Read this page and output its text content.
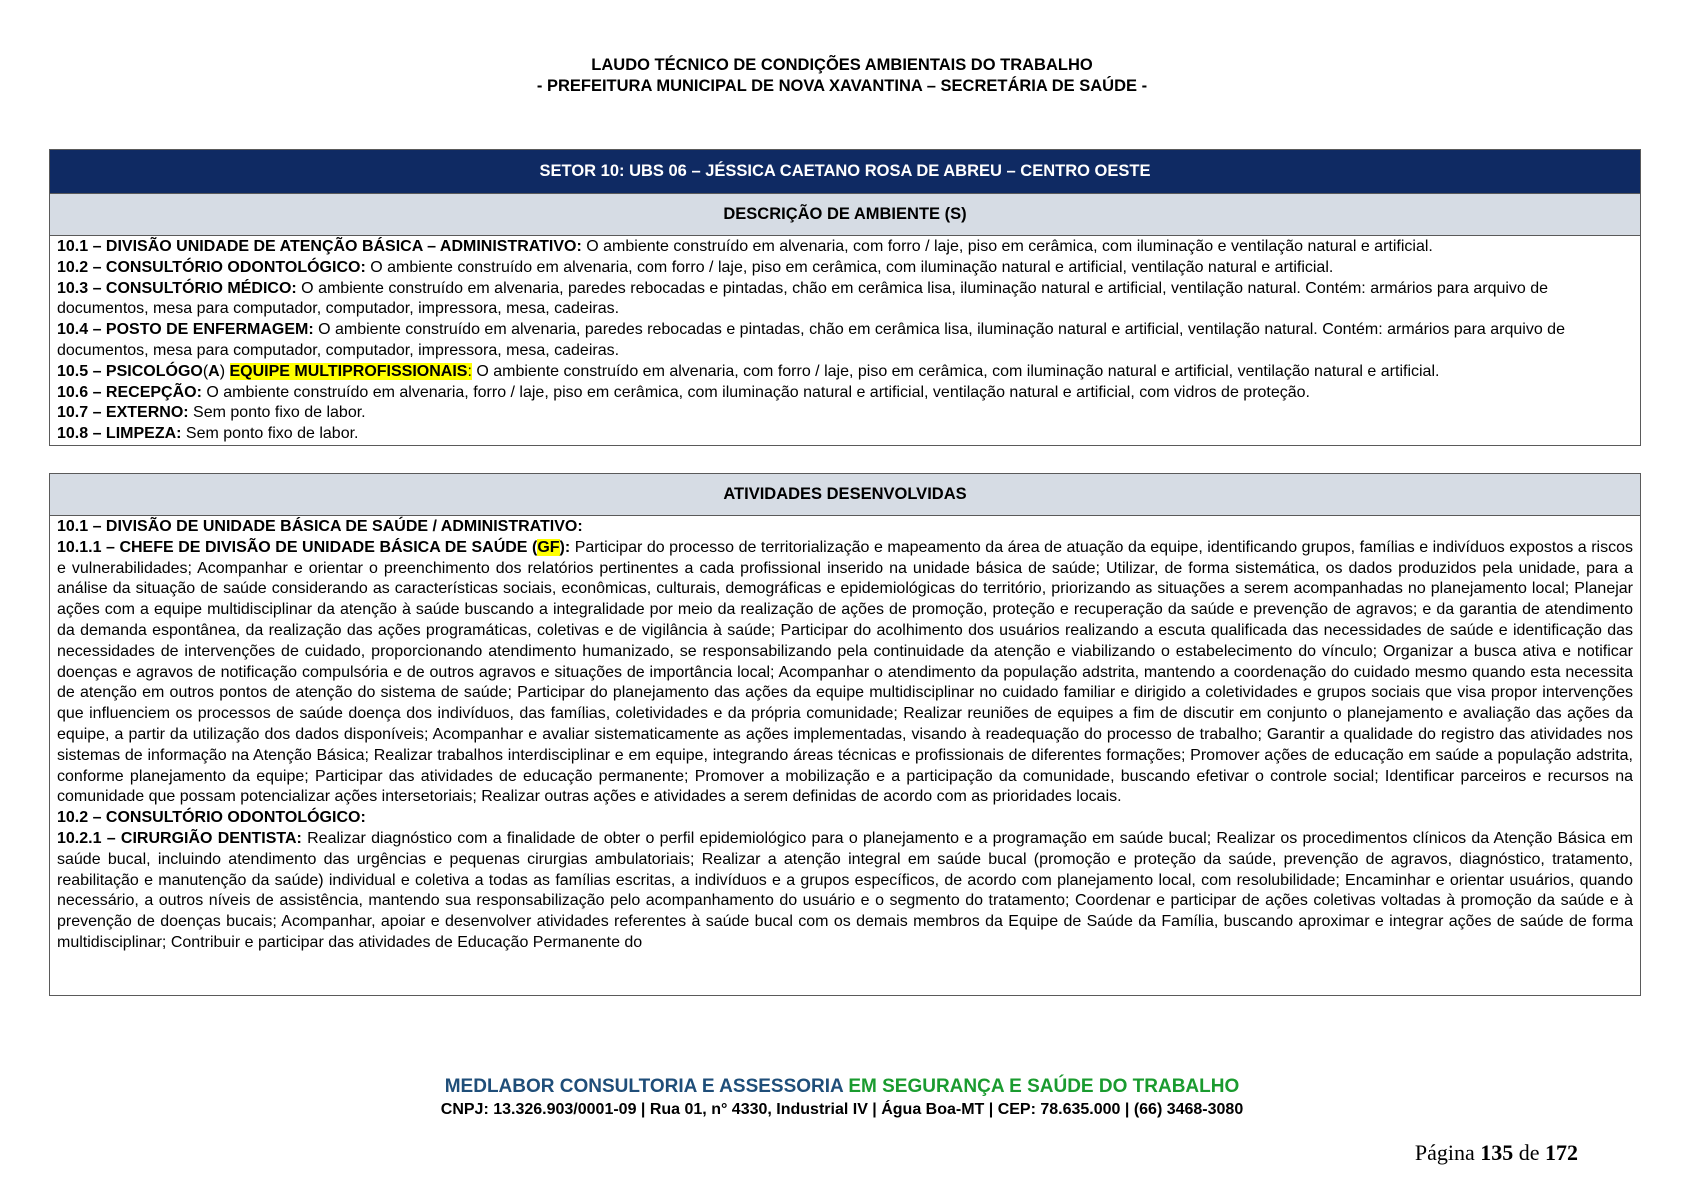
LAUDO TÉCNICO DE CONDIÇÕES AMBIENTAIS DO TRABALHO
- PREFEITURA MUNICIPAL DE NOVA XAVANTINA – SECRETÁRIA DE SAÚDE -
SETOR 10: UBS 06 – JÉSSICA CAETANO ROSA DE ABREU – CENTRO OESTE
DESCRIÇÃO DE AMBIENTE (S)

10.1 – DIVISÃO UNIDADE DE ATENÇÃO BÁSICA – ADMINISTRATIVO: O ambiente construído em alvenaria, com forro / laje, piso em cerâmica, com iluminação e ventilação natural e artificial.

10.2 – CONSULTÓRIO ODONTOLÓGICO: O ambiente construído em alvenaria, com forro / laje, piso em cerâmica, com iluminação natural e artificial, ventilação natural e artificial.

10.3 – CONSULTÓRIO MÉDICO: O ambiente construído em alvenaria, paredes rebocadas e pintadas, chão em cerâmica lisa, iluminação natural e artificial, ventilação natural. Contém: armários para arquivo de documentos, mesa para computador, computador, impressora, mesa, cadeiras.

10.4 – POSTO DE ENFERMAGEM: O ambiente construído em alvenaria, paredes rebocadas e pintadas, chão em cerâmica lisa, iluminação natural e artificial, ventilação natural. Contém: armários para arquivo de documentos, mesa para computador, computador, impressora, mesa, cadeiras.

10.5 – PSICOLÓGO(A) EQUIPE MULTIPROFISSIONAIS: O ambiente construído em alvenaria, com forro / laje, piso em cerâmica, com iluminação natural e artificial, ventilação natural e artificial.

10.6 – RECEPÇÃO: O ambiente construído em alvenaria, forro / laje, piso em cerâmica, com iluminação natural e artificial, ventilação natural e artificial, com vidros de proteção.

10.7 – EXTERNO: Sem ponto fixo de labor.

10.8 – LIMPEZA: Sem ponto fixo de labor.

ATIVIDADES DESENVOLVIDAS

10.1 – DIVISÃO DE UNIDADE BÁSICA DE SAÚDE / ADMINISTRATIVO:

10.1.1 – CHEFE DE DIVISÃO DE UNIDADE BÁSICA DE SAÚDE (GF): Participar do processo de territorialização e mapeamento da área de atuação da equipe, identificando grupos, famílias e indivíduos expostos a riscos e vulnerabilidades; Acompanhar e orientar o preenchimento dos relatórios pertinentes a cada profissional inserido na unidade básica de saúde; Utilizar, de forma sistemática, os dados produzidos pela unidade, para a análise da situação de saúde considerando as características sociais, econômicas, culturais, demográficas e epidemiológicas do território, priorizando as situações a serem acompanhadas no planejamento local; Planejar ações com a equipe multidisciplinar da atenção à saúde buscando a integralidade por meio da realização de ações de promoção, proteção e recuperação da saúde e prevenção de agravos; e da garantia de atendimento da demanda espontânea, da realização das ações programáticas, coletivas e de vigilância à saúde; Participar do acolhimento dos usuários realizando a escuta qualificada das necessidades de saúde e identificação das necessidades de intervenções de cuidado, proporcionando atendimento humanizado, se responsabilizando pela continuidade da atenção e viabilizando o estabelecimento do vínculo; Organizar a busca ativa e notificar doenças e agravos de notificação compulsória e de outros agravos e situações de importância local; Acompanhar o atendimento da população adstrita, mantendo a coordenação do cuidado mesmo quando esta necessita de atenção em outros pontos de atenção do sistema de saúde; Participar do planejamento das ações da equipe multidisciplinar no cuidado familiar e dirigido a coletividades e grupos sociais que visa propor intervenções que influenciem os processos de saúde doença dos indivíduos, das famílias, coletividades e da própria comunidade; Realizar reuniões de equipes a fim de discutir em conjunto o planejamento e avaliação das ações da equipe, a partir da utilização dos dados disponíveis; Acompanhar e avaliar sistematicamente as ações implementadas, visando à readequação do processo de trabalho; Garantir a qualidade do registro das atividades nos sistemas de informação na Atenção Básica; Realizar trabalhos interdisciplinar e em equipe, integrando áreas técnicas e profissionais de diferentes formações; Promover ações de educação em saúde a população adstrita, conforme planejamento da equipe; Participar das atividades de educação permanente; Promover a mobilização e a participação da comunidade, buscando efetivar o controle social; Identificar parceiros e recursos na comunidade que possam potencializar ações intersetoriais; Realizar outras ações e atividades a serem definidas de acordo com as prioridades locais.

10.2 – CONSULTÓRIO ODONTOLÓGICO:

10.2.1 – CIRURGIÃO DENTISTA: Realizar diagnóstico com a finalidade de obter o perfil epidemiológico para o planejamento e a programação em saúde bucal; Realizar os procedimentos clínicos da Atenção Básica em saúde bucal, incluindo atendimento das urgências e pequenas cirurgias ambulatoriais; Realizar a atenção integral em saúde bucal (promoção e proteção da saúde, prevenção de agravos, diagnóstico, tratamento, reabilitação e manutenção da saúde) individual e coletiva a todas as famílias escritas, a indivíduos e a grupos específicos, de acordo com planejamento local, com resolubilidade; Encaminhar e orientar usuários, quando necessário, a outros níveis de assistência, mantendo sua responsabilização pelo acompanhamento do usuário e o segmento do tratamento; Coordenar e participar de ações coletivas voltadas à promoção da saúde e à prevenção de doenças bucais; Acompanhar, apoiar e desenvolver atividades referentes à saúde bucal com os demais membros da Equipe de Saúde da Família, buscando aproximar e integrar ações de saúde de forma multidisciplinar; Contribuir e participar das atividades de Educação Permanente do

MEDLABOR CONSULTORIA E ASSESSORIA EM SEGURANÇA E SAÚDE DO TRABALHO
CNPJ: 13.326.903/0001-09 | Rua 01, n° 4330, Industrial IV | Água Boa-MT | CEP: 78.635.000 | (66) 3468-3080
Página 135 de 172
